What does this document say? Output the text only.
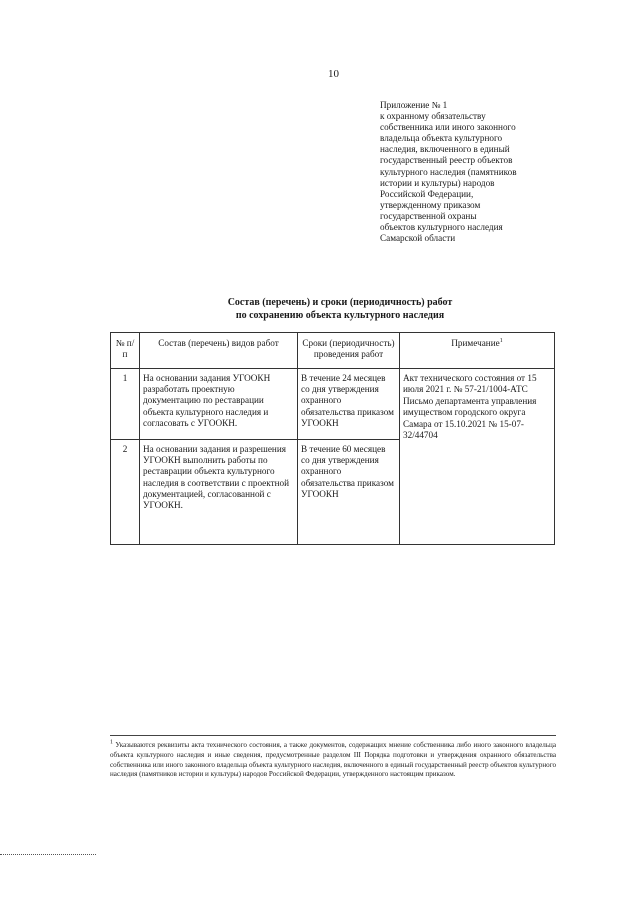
10
Приложение № 1
к охранному обязательству
собственника или иного законного
владельца объекта культурного
наследия, включенного в единый
государственный реестр объектов
культурного наследия (памятников
истории и культуры) народов
Российской Федерации,
утвержденному приказом
государственной охраны
объектов культурного наследия
Самарской области
Состав (перечень) и сроки (периодичность) работ
по сохранению объекта культурного наследия
№ п/п	Состав (перечень) видов работ	Сроки (периодичность) проведения работ	Примечание$^1$
1	На основании задания УГООКН разработать проектную документацию по реставрации объекта культурного наследия и согласовать с УГООКН.	В течение 24 месяцев со дня утверждения охранного обязательства приказом УГООКН	Акт технического состояния от 15 июля 2021 г. № 57-21/1004-АТС Письмо департамента управления имуществом городского округа Самара от 15.10.2021 № 15-07-32/44704
2	На основании задания и разрешения УГООКН выполнить работы по реставрации объекта культурного наследия в соответствии с проектной документацией, согласованной с УГООКН.	В течение 60 месяцев со дня утверждения охранного обязательства приказом УГООКН	
$^1$ Указываются реквизиты акта технического состояния, а также документов, содержащих мнение собственника либо иного законного владельца объекта культурного наследия и иные сведения, предусмотренные разделом III Порядка подготовки и утверждения охранного обязательства собственника или иного законного владельца объекта культурного наследия, включенного в единый государственный реестр объектов культурного наследия (памятников истории и культуры) народов Российской Федерации, утвержденного настоящим приказом.
